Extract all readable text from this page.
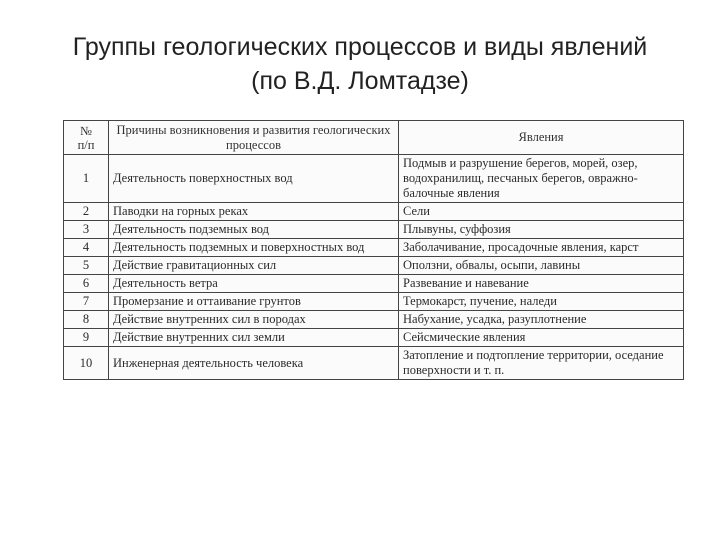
Группы геологических процессов и виды явлений
(по В.Д. Ломтадзе)
№
п/п	Причины возникновения и развития геологических процессов	Явления
1	Деятельность поверхностных вод	Подмыв и разрушение берегов, морей, озер, водохранилищ, песчаных берегов, овражно-балочные явления
2	Паводки на горных реках	Сели
3	Деятельность подземных вод	Плывуны, суффозия
4	Деятельность подземных и поверхностных вод	Заболачивание, просадочные явления, карст
5	Действие гравитационных сил	Оползни, обвалы, осыпи, лавины
6	Деятельность ветра	Развевание и навевание
7	Промерзание и оттаивание грунтов	Термокарст, пучение, наледи
8	Действие внутренних сил в породах	Набухание, усадка, разуплотнение
9	Действие внутренних сил земли	Сейсмические явления
10	Инженерная деятельность человека	Затопление и подтопление территории, оседание поверхности и т. п.
